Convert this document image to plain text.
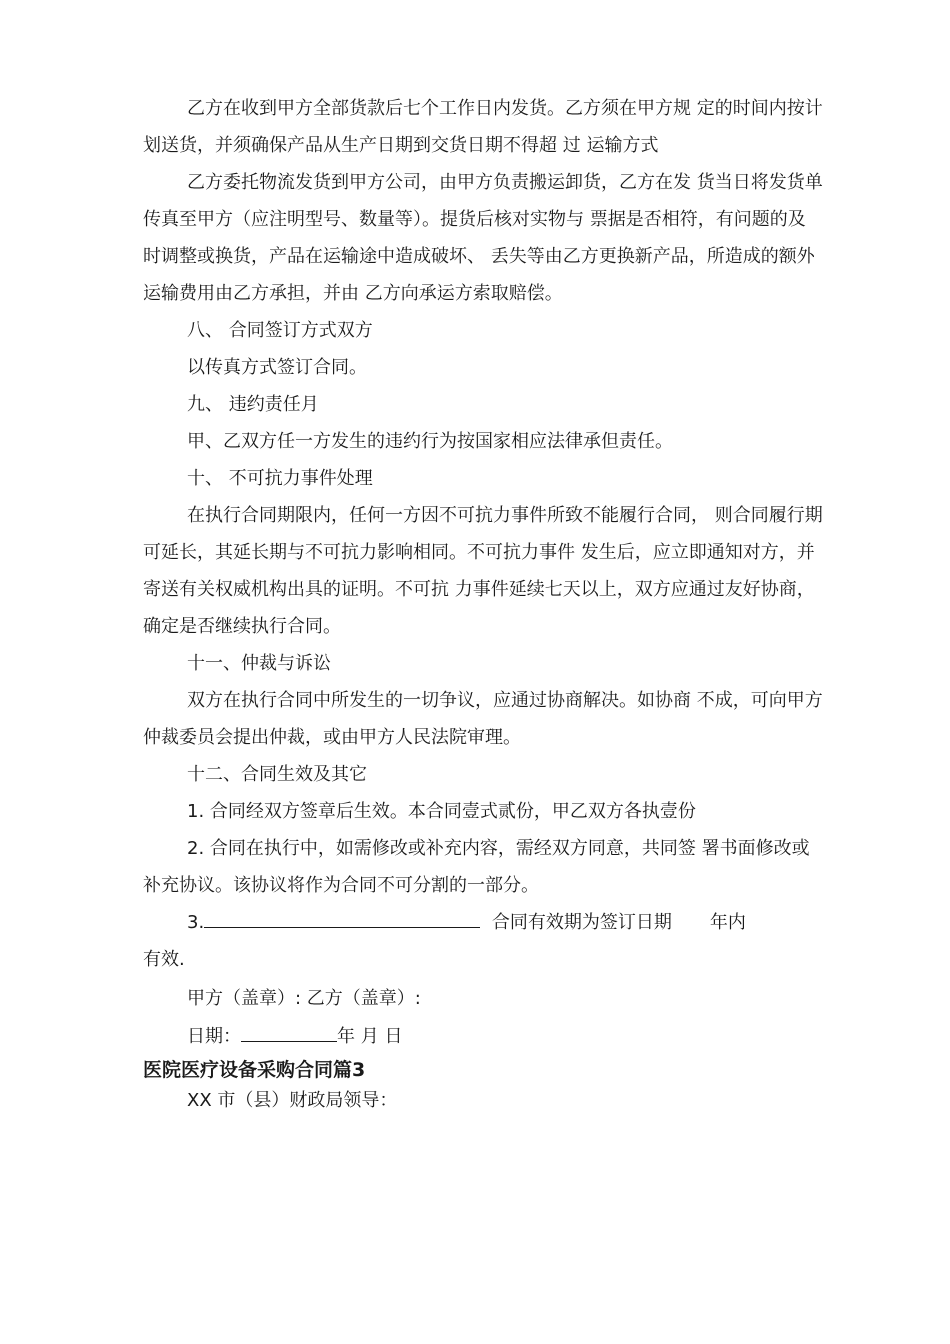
乙方在收到甲方全部货款后七个工作日内发货。乙方须在甲方规 定的时间内按计划送货，并须确保产品从生产日期到交货日期不得超 过 运输方式

乙方委托物流发货到甲方公司，由甲方负责搬运卸货，乙方在发 货当日将发货单传真至甲方（应注明型号、数量等）。提货后核对实物与 票据是否相符，有问题的及时调整或换货，产品在运输途中造成破坏、 丢失等由乙方更换新产品，所造成的额外运输费用由乙方承担，并由 乙方向承运方索取赔偿。

八、 合同签订方式双方

以传真方式签订合同。

九、 违约责任月

甲、乙双方任一方发生的违约行为按国家相应法律承但责任。

十、 不可抗力事件处理

在执行合同期限内，任何一方因不可抗力事件所致不能履行合同， 则合同履行期可延长，其延长期与不可抗力影响相同。不可抗力事件 发生后，应立即通知对方，并寄送有关权威机构出具的证明。不可抗 力事件延续七天以上，双方应通过友好协商，确定是否继续执行合同。

十一、仲裁与诉讼

双方在执行合同中所发生的一切争议，应通过协商解决。如协商 不成，可向甲方仲裁委员会提出仲裁，或由甲方人民法院审理。

十二、合同生效及其它

1. 合同经双方签章后生效。本合同壹式贰份，甲乙双方各执壹份

2. 合同在执行中，如需修改或补充内容，需经双方同意，共同签 署书面修改或补充协议。该协议将作为合同不可分割的一部分。

3.	合同有效期为签订日期 年内

有效.

甲方（盖章）: 乙方（盖章）:

日期：	年 月 日

医院医疗设备采购合同篇3

XX 市（县）财政局领导：
